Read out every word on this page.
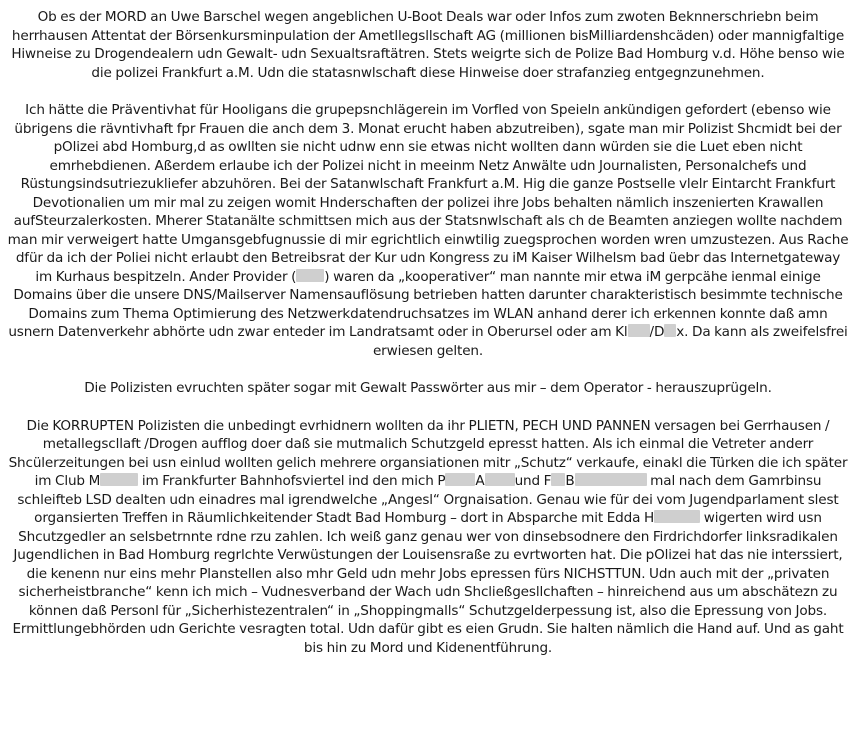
Ob es der MORD an Uwe Barschel wegen angeblichen U-Boot Deals war oder Infos zum zwoten Beknnerschriebn beim herrhausen Attentat der Börsenkursminpulation der Ametllegsllschaft AG (millionen bisMilliardenshcäden) oder mannigfaltige Hiwneise zu Drogendealern udn Gewalt- udn Sexualtsraftätren. Stets weigrte sich de Polize Bad Homburg v.d. Höhe benso wie die polizei Frankfurt a.M. Udn die statasnwlschaft diese Hinweise doer strafanzieg entgegnzunehmen.

Ich hätte die Präventivhat für Hooligans die grupepsnchlägerein im Vorfled von Speieln ankündigen gefordert (ebenso wie übrigens die rävntivhaft fpr Frauen die anch dem 3. Monat erucht haben abzutreiben), sgate man mir Polizist Shcmidt bei der pOlizei abd Homburg,d as owllten sie nicht udnw enn sie etwas nicht wollten dann würden sie die Luet eben nicht emrhebdienen. Aßerdem erlaube ich der Polizei nicht in meeinm Netz Anwälte udn Journalisten, Personalchefs und Rüstungsindsutriezukliefer abzuhören. Bei der Satanwlschaft Frankfurt a.M. Hig die ganze Postselle vlelr Eintarcht Frankfurt Devotionalien um mir mal zu zeigen womit Hnderschaften der polizei ihre Jobs behalten nämlich inszenierten Krawallen aufSteurzalerkosten. Mherer Statanälte schmittsen mich aus der Statsnwlschaft als ch de Beamten anziegen wollte nachdem man mir verweigert hatte Umgansgebfugnussie di mir egrichtlich einwtilig zuegsprochen worden wren umzustezen. Aus Rache dfür da ich der Poliei nicht erlaubt den Betreibsrat der Kur udn Kongress zu iM Kaiser Wilhelsm bad üebr das Internetgateway im Kurhaus bespitzeln. Ander Provider ( ) waren da „kooperativer“ man nannte mir etwa iM gerpcähe ienmal einige Domains über die unsere DNS/Mailserver Namensauflösung betrieben hatten darunter charakteristisch besimmte technische Domains zum Thema Optimierung des Netzwerkdatendruchsatzes im WLAN anhand derer ich erkennen konnte daß amn usnern Datenverkehr abhörte udn zwar enteder im Landratsamt oder in Oberursel oder am Kl /D x. Da kann als zweifelsfrei erwiesen gelten.

Die Polizisten evruchten später sogar mit Gewalt Passwörter aus mir – dem Operator - herauszuprügeln.

Die KORRUPTEN Polizisten die unbedingt evrhidnern wollten da ihr PLIETN, PECH UND PANNEN versagen bei Gerrhausen / metallegscllaft /Drogen aufflog doer daß sie mutmalich Schutzgeld epresst hatten. Als ich einmal die Vetreter anderr Shcülerzeitungen bei usn einlud wollten gelich mehrere organsiationen mitr „Schutz“ verkaufe, einakl die Türken die ich später im Club M	im Frankfurter Bahnhofsviertel ind den mich P A und F B	mal nach dem Gamrbinsu schleifteb LSD dealten udn einadres mal igrendwelche „Angesl“ Orgnaisation. Genau wie für dei vom Jugendparlament slest organsierten Treffen in Räumlichkeitender Stadt Bad Homburg – dort in Absparche mit Edda H	wigerten wird usn Shcutzgedler an selsbetrnnte rdne rzu zahlen. Ich weiß ganz genau wer von dinsebsodnere den Firdrichdorfer linksradikalen Jugendlichen in Bad Homburg regrlchte Verwüstungen der Louisensraße zu evrtworten hat. Die pOlizei hat das nie interssiert, die kenenn nur eins mehr Planstellen also mhr Geld udn mehr Jobs epressen fürs NICHSTTUN. Udn auch mit der „privaten sicherheistbranche“ kenn ich mich – Vudnesverband der Wach udn Shcließgesllchaften – hinreichend aus um abschätezn zu können daß Personl für „Sicherhistezentralen“ in „Shoppingmalls“ Schutzgelderpessung ist, also die Epressung von Jobs. Ermittlungebhörden udn Gerichte vesragten total. Udn dafür gibt es eien Grudn. Sie halten nämlich die Hand auf. Und as gaht bis hin zu Mord und Kidenentführung.
